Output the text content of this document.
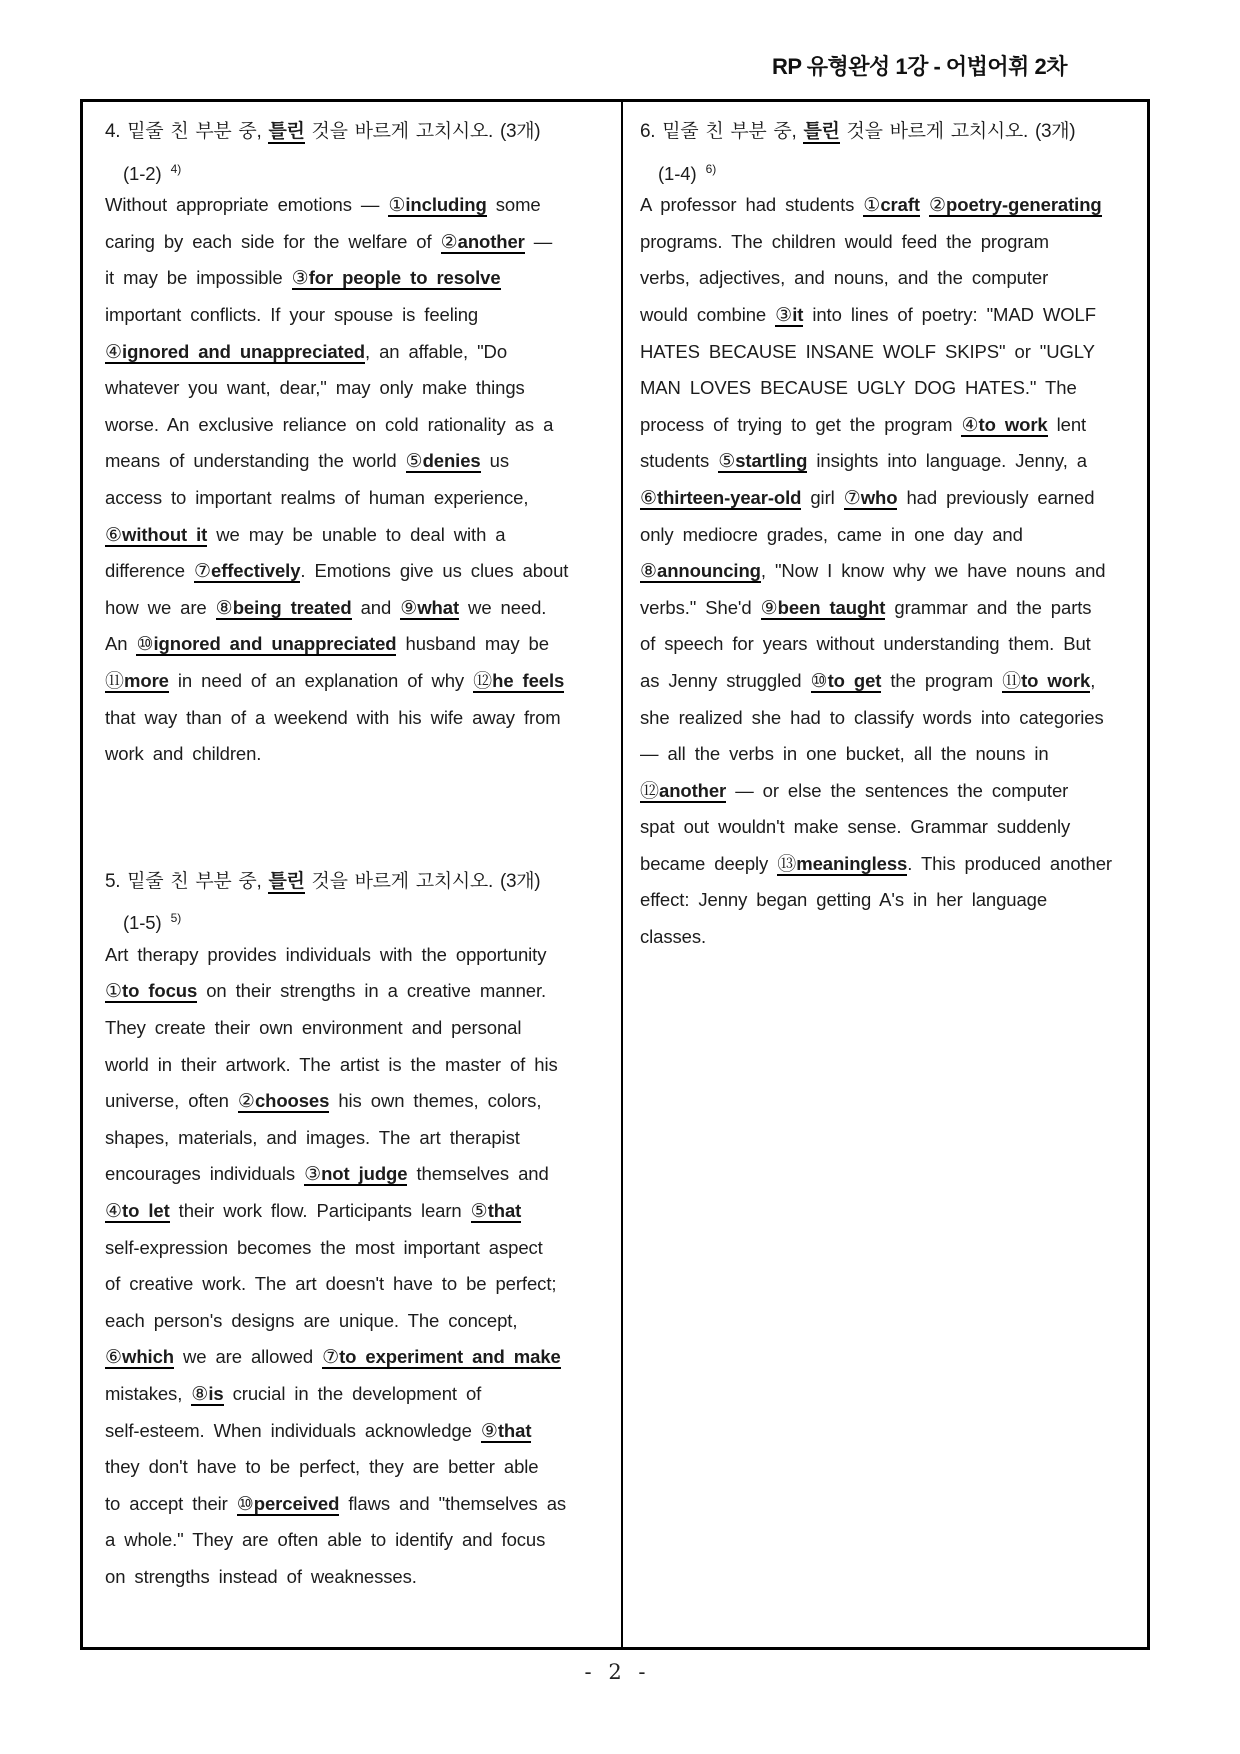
RP 유형완성 1강 - 어법어휘 2차
4. 밑줄 친 부분 중, 틀린 것을 바르게 고치시오. (3개)
(1-2) $^{4)}$
Without appropriate emotions — ①including some
caring by each side for the welfare of ②another —
it may be impossible ③for people to resolve
important conflicts. If your spouse is feeling
④ignored and unappreciated, an affable, "Do
whatever you want, dear," may only make things
worse. An exclusive reliance on cold rationality as a
means of understanding the world ⑤denies us
access to important realms of human experience,
⑥without it we may be unable to deal with a
difference ⑦effectively. Emotions give us clues about
how we are ⑧being treated and ⑨what we need.
An ⑩ignored and unappreciated husband may be
⑪more in need of an explanation of why ⑫he feels
that way than of a weekend with his wife away from
work and children.
5. 밑줄 친 부분 중, 틀린 것을 바르게 고치시오. (3개)
(1-5) $^{5)}$
Art therapy provides individuals with the opportunity
①to focus on their strengths in a creative manner.
They create their own environment and personal
world in their artwork. The artist is the master of his
universe, often ②chooses his own themes, colors,
shapes, materials, and images. The art therapist
encourages individuals ③not judge themselves and
④to let their work flow. Participants learn ⑤that
self-expression becomes the most important aspect
of creative work. The art doesn't have to be perfect;
each person's designs are unique. The concept,
⑥which we are allowed ⑦to experiment and make
mistakes, ⑧is crucial in the development of
self-esteem. When individuals acknowledge ⑨that
they don't have to be perfect, they are better able
to accept their ⑩perceived flaws and "themselves as
a whole." They are often able to identify and focus
on strengths instead of weaknesses.
6. 밑줄 친 부분 중, 틀린 것을 바르게 고치시오. (3개)
(1-4) $^{6)}$
A professor had students ①craft ②poetry-generating
programs. The children would feed the program
verbs, adjectives, and nouns, and the computer
would combine ③it into lines of poetry: "MAD WOLF
HATES BECAUSE INSANE WOLF SKIPS" or "UGLY
MAN LOVES BECAUSE UGLY DOG HATES." The
process of trying to get the program ④to work lent
students ⑤startling insights into language. Jenny, a
⑥thirteen-year-old girl ⑦who had previously earned
only mediocre grades, came in one day and
⑧announcing, "Now I know why we have nouns and
verbs." She'd ⑨been taught grammar and the parts
of speech for years without understanding them. But
as Jenny struggled ⑩to get the program ⑪to work,
she realized she had to classify words into categories
— all the verbs in one bucket, all the nouns in
⑫another — or else the sentences the computer
spat out wouldn't make sense. Grammar suddenly
became deeply ⑬meaningless. This produced another
effect: Jenny began getting A's in her language
classes.
- 2 -
